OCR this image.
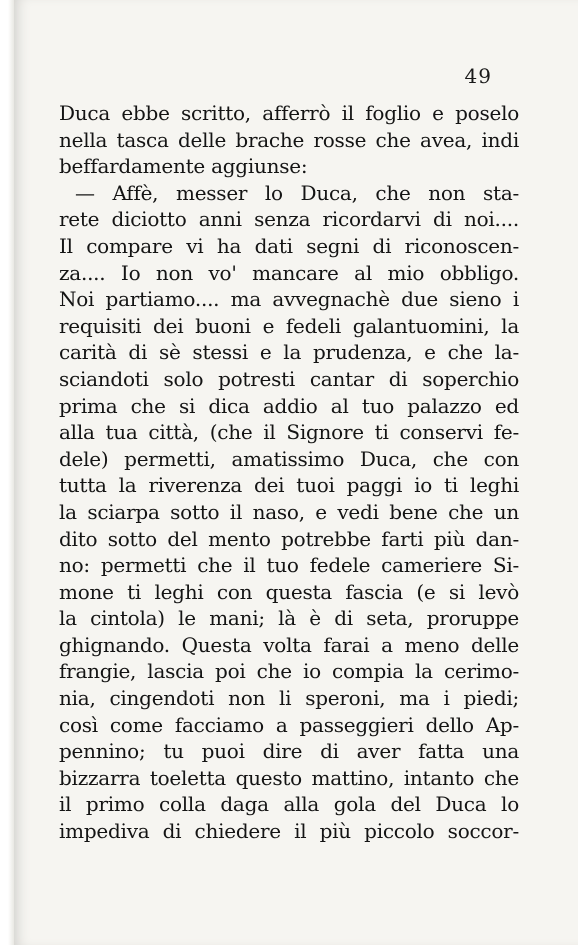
49
Duca ebbe scritto, afferrò il foglio e poselo
nella tasca delle brache rosse che avea, indi
beffardamente aggiunse:
— Affè, messer lo Duca, che non sta-
rete diciotto anni senza ricordarvi di noi....
Il compare vi ha dati segni di riconoscen-
za.... Io non vo' mancare al mio obbligo.
Noi partiamo.... ma avvegnachè due sieno i
requisiti dei buoni e fedeli galantuomini, la
carità di sè stessi e la prudenza, e che la-
sciandoti solo potresti cantar di soperchio
prima che si dica addio al tuo palazzo ed
alla tua città, (che il Signore ti conservi fe-
dele) permetti, amatissimo Duca, che con
tutta la riverenza dei tuoi paggi io ti leghi
la sciarpa sotto il naso, e vedi bene che un
dito sotto del mento potrebbe farti più dan-
no: permetti che il tuo fedele cameriere Si-
mone ti leghi con questa fascia (e si levò
la cintola) le mani; là è di seta, proruppe
ghignando. Questa volta farai a meno delle
frangie, lascia poi che io compia la cerimo-
nia, cingendoti non li speroni, ma i piedi;
così come facciamo a passeggieri dello Ap-
pennino; tu puoi dire di aver fatta una
bizzarra toeletta questo mattino, intanto che
il primo colla daga alla gola del Duca lo
impediva di chiedere il più piccolo soccor-
